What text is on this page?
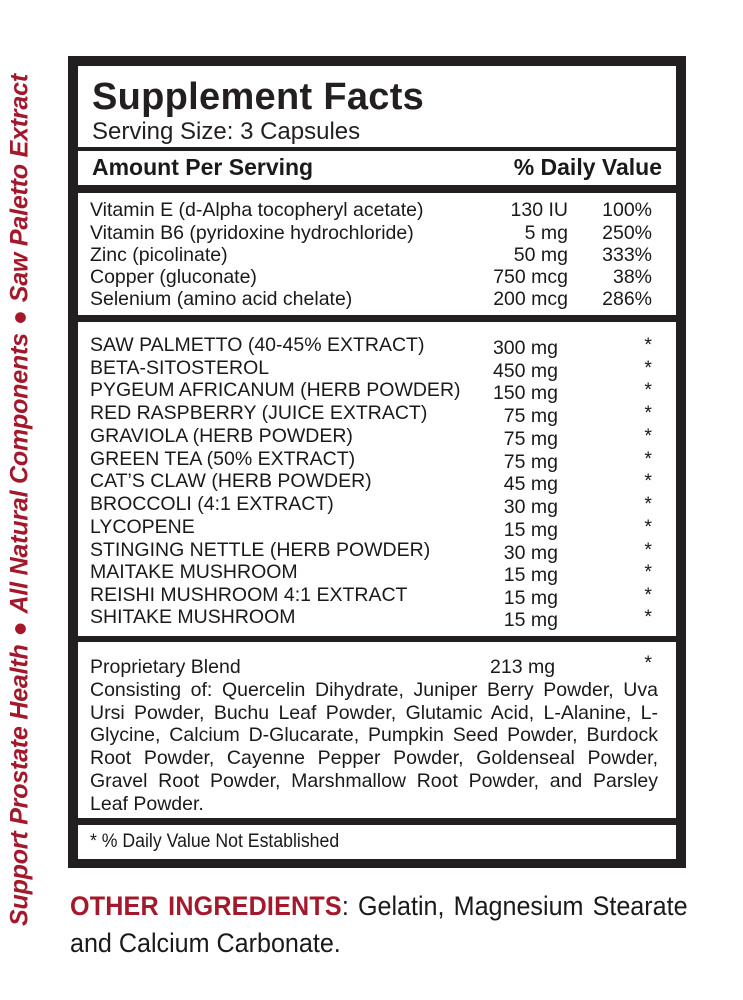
Support Prostate Health●All Natural Components●Saw Paletto Extract Supplement Facts
Serving Size: 3 Capsules
Amount Per Serving	% Daily Value
Vitamin E (d-Alpha tocopheryl acetate)	130 IU 100%
Vitamin B6 (pyridoxine hydrochloride)	5 mg 250%
Zinc (picolinate)	50 mg 333%
Copper (gluconate)	750 mcg 38%
Selenium (amino acid chelate)	200 mcg 286%
SAW PALMETTO (40-45% EXTRACT)	300 mg	*
BETA-SITOSTEROL	450 mg	*
PYGEUM AFRICANUM (HERB POWDER) 150 mg	*
RED RASPBERRY (JUICE EXTRACT)	75 mg	*
GRAVIOLA (HERB POWDER)	75 mg	*
GREEN TEA (50% EXTRACT)	75 mg	*
CAT’S CLAW (HERB POWDER)	45 mg	*
BROCCOLI (4:1 EXTRACT)	30 mg	*
LYCOPENE	15 mg	*
STINGING NETTLE (HERB POWDER)	30 mg	*
MAITAKE MUSHROOM	15 mg	*
REISHI MUSHROOM 4:1 EXTRACT	15 mg	*
SHITAKE MUSHROOM	15 mg	*
Proprietary Blend	213 mg	*
Consisting of: Quercelin Dihydrate, Juniper Berry Powder, Uva Ursi Powder, Buchu Leaf Powder, Glutamic Acid, L-Alanine, L-Glycine, Calcium D-Glucarate, Pumpkin Seed Powder, Burdock Root Powder, Cayenne Pepper Powder, Goldenseal Powder, Gravel Root Powder, Marshmallow Root Powder, and Parsley Leaf Powder.
* % Daily Value Not Established
OTHER INGREDIENTS: Gelatin, Magnesium Stearate and Calcium Carbonate.
